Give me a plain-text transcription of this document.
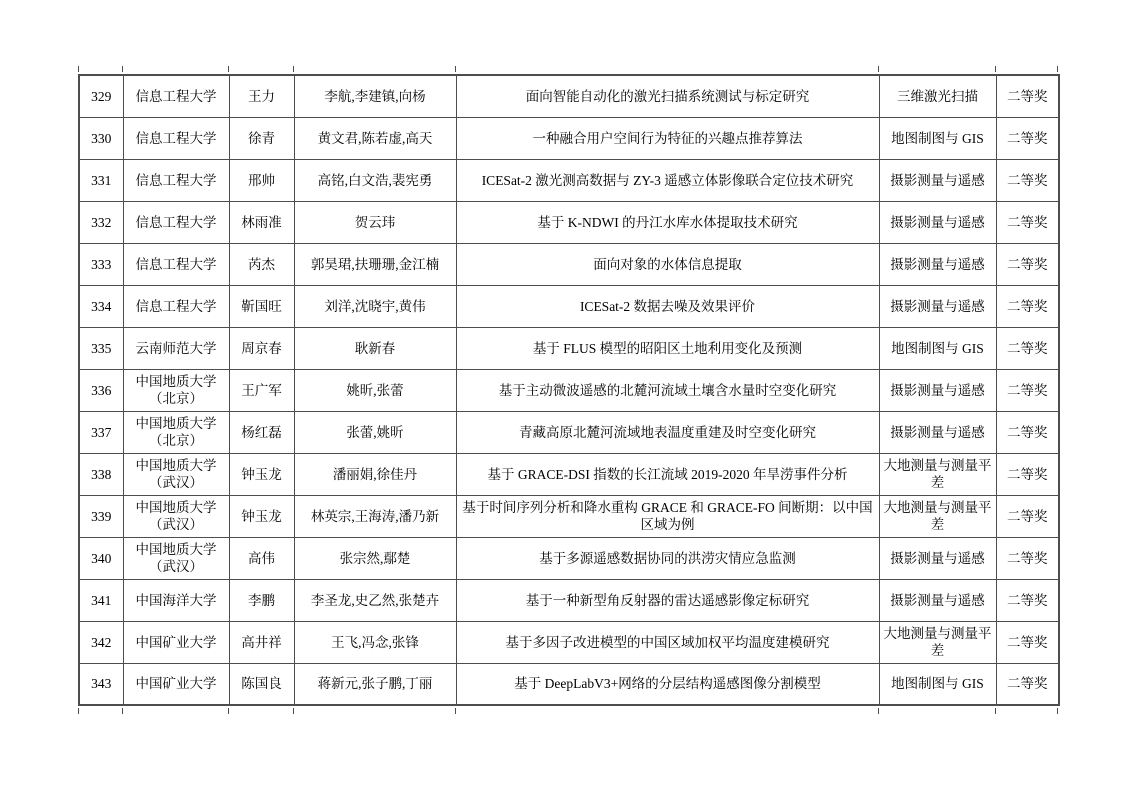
329	信息工程大学	王力	李航,李建镇,向杨	面向智能自动化的激光扫描系统测试与标定研究	三维激光扫描	二等奖
330	信息工程大学	徐青	黄文君,陈若虚,高天	一种融合用户空间行为特征的兴趣点推荐算法	地图制图与 GIS	二等奖
331	信息工程大学	邢帅	高铭,白文浩,裴宪勇	ICESat-2 激光测高数据与 ZY-3 遥感立体影像联合定位技术研究	摄影测量与遥感	二等奖
332	信息工程大学	林雨准	贺云玮	基于 K-NDWI 的丹江水库水体提取技术研究	摄影测量与遥感	二等奖
333	信息工程大学	芮杰	郭昊珺,扶珊珊,金江楠	面向对象的水体信息提取	摄影测量与遥感	二等奖
334	信息工程大学	靳国旺	刘洋,沈晓宇,黄伟	ICESat-2 数据去噪及效果评价	摄影测量与遥感	二等奖
335	云南师范大学	周京春	耿新春	基于 FLUS 模型的昭阳区土地利用变化及预测	地图制图与 GIS	二等奖
336	中国地质大学（北京）	王广军	姚昕,张蕾	基于主动微波遥感的北麓河流域土壤含水量时空变化研究	摄影测量与遥感	二等奖
337	中国地质大学（北京）	杨红磊	张蕾,姚昕	青藏高原北麓河流域地表温度重建及时空变化研究	摄影测量与遥感	二等奖
338	中国地质大学（武汉）	钟玉龙	潘丽娟,徐佳丹	基于 GRACE-DSI 指数的长江流域 2019-2020 年旱涝事件分析	大地测量与测量平差	二等奖
339	中国地质大学（武汉）	钟玉龙	林英宗,王海涛,潘乃新	基于时间序列分析和降水重构 GRACE 和 GRACE-FO 间断期：以中国区域为例	大地测量与测量平差	二等奖
340	中国地质大学（武汉）	高伟	张宗然,鄢楚	基于多源遥感数据协同的洪涝灾情应急监测	摄影测量与遥感	二等奖
341	中国海洋大学	李鹏	李圣龙,史乙然,张楚卉	基于一种新型角反射器的雷达遥感影像定标研究	摄影测量与遥感	二等奖
342	中国矿业大学	高井祥	王飞,冯念,张锋	基于多因子改进模型的中国区域加权平均温度建模研究	大地测量与测量平差	二等奖
343	中国矿业大学	陈国良	蒋新元,张子鹏,丁丽	基于 DeepLabV3+网络的分层结构遥感图像分割模型	地图制图与 GIS	二等奖
